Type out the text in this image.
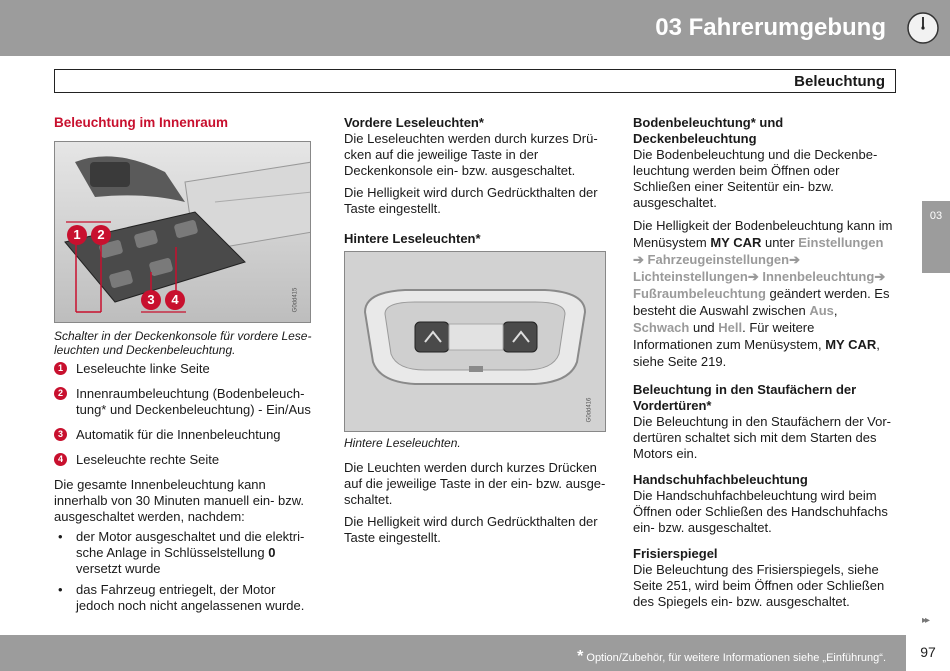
03 Fahrerumgebung
Beleuchtung
03
Beleuchtung im Innenraum
1	2
3	4	G0dd415

Schalter in der Deckenkonsole für vordere Leseleuchten und Deckenbeleuchtung.

1	Leseleuchte linke Seite
2	Innenraumbeleuchtung (Bodenbeleuchtung* und Deckenbeleuchtung) - Ein/Aus
3	Automatik für die Innenbeleuchtung
4	Leseleuchte rechte Seite

Die gesamte Innenbeleuchtung kann innerhalb von 30 Minuten manuell ein- bzw. ausgeschaltet werden, nachdem:

• der Motor ausgeschaltet und die elektrische Anlage in Schlüsselstellung 0 versetzt wurde
• das Fahrzeug entriegelt, der Motor jedoch noch nicht angelassenen wurde.
Vordere Leseleuchten*

Die Leseleuchten werden durch kurzes Drücken auf die jeweilige Taste in der Deckenkonsole ein- bzw. ausgeschaltet.

Die Helligkeit wird durch Gedrückthalten der Taste eingestellt.

Hintere Leseleuchten*
G0dd416

Hintere Leseleuchten.

Die Leuchten werden durch kurzes Drücken auf die jeweilige Taste in der ein- bzw. ausgeschaltet.

Die Helligkeit wird durch Gedrückthalten der Taste eingestellt.

Bodenbeleuchtung* und Deckenbeleuchtung

Die Bodenbeleuchtung und die Deckenbeleuchtung werden beim Öffnen oder Schließen einer Seitentür ein- bzw. ausgeschaltet.

Die Helligkeit der Bodenbeleuchtung kann im Menüsystem MY CAR unter Einstellungen ➔ Fahrzeugeinstellungen➔ Lichteinstellungen➔ Innenbeleuchtung➔ Fußraumbeleuchtung geändert werden. Es besteht die Auswahl zwischen Aus, Schwach und Hell. Für weitere Informationen zum Menüsystem, MY CAR, siehe Seite 219.

Beleuchtung in den Staufächern der Vordertüren*

Die Beleuchtung in den Staufächern der Vordertüren schaltet sich mit dem Starten des Motors ein.

Handschuhfachbeleuchtung

Die Handschuhfachbeleuchtung wird beim Öffnen oder Schließen des Handschuhfachs ein- bzw. ausgeschaltet.

Frisierspiegel

Die Beleuchtung des Frisierspiegels, siehe Seite 251, wird beim Öffnen oder Schließen des Spiegels ein- bzw. ausgeschaltet.

▸▸
* Option/Zubehör, für weitere Informationen siehe „Einführung“.	97
